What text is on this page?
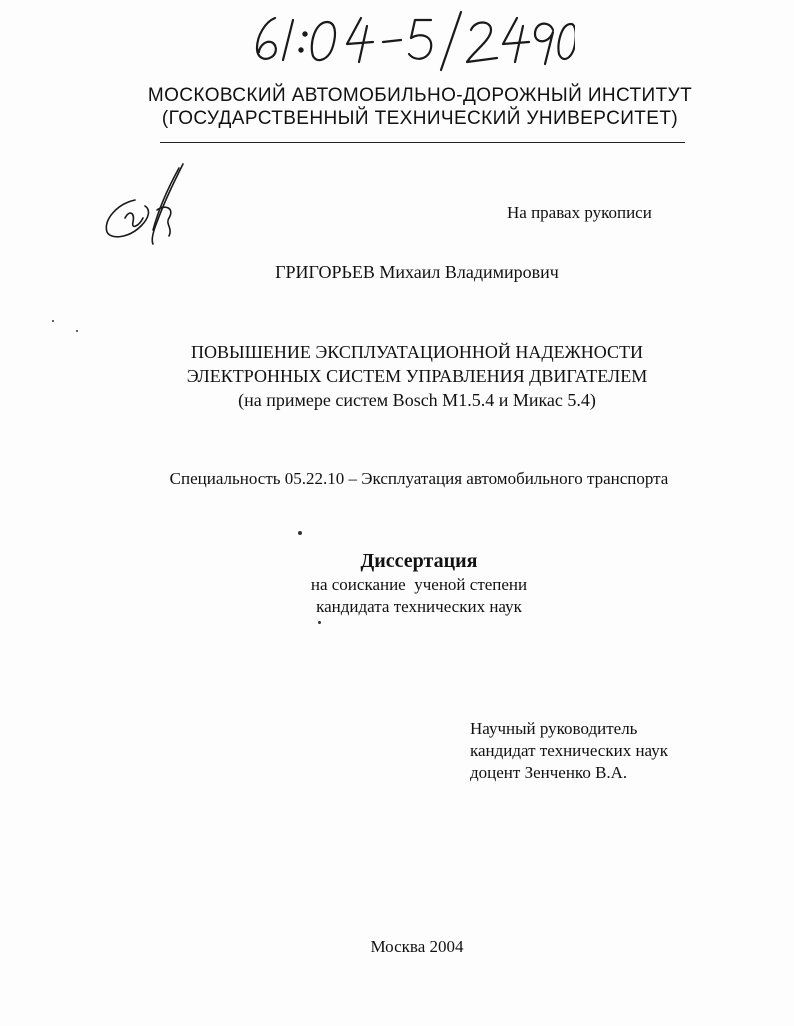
МОСКОВСКИЙ АВТОМОБИЛЬНО-ДОРОЖНЫЙ ИНСТИТУТ
(ГОСУДАРСТВЕННЫЙ ТЕХНИЧЕСКИЙ УНИВЕРСИТЕТ)
На правах рукописи
ГРИГОРЬЕВ Михаил Владимирович
ПОВЫШЕНИЕ ЭКСПЛУАТАЦИОННОЙ НАДЕЖНОСТИ
ЭЛЕКТРОННЫХ СИСТЕМ УПРАВЛЕНИЯ ДВИГАТЕЛЕМ
(на примере систем Bosch M1.5.4 и Микас 5.4)
Специальность 05.22.10 – Эксплуатация автомобильного транспорта
Диссертация
на соискание  ученой степени
кандидата технических наук
Научный руководитель
кандидат технических наук
доцент Зенченко В.А.
Москва 2004
